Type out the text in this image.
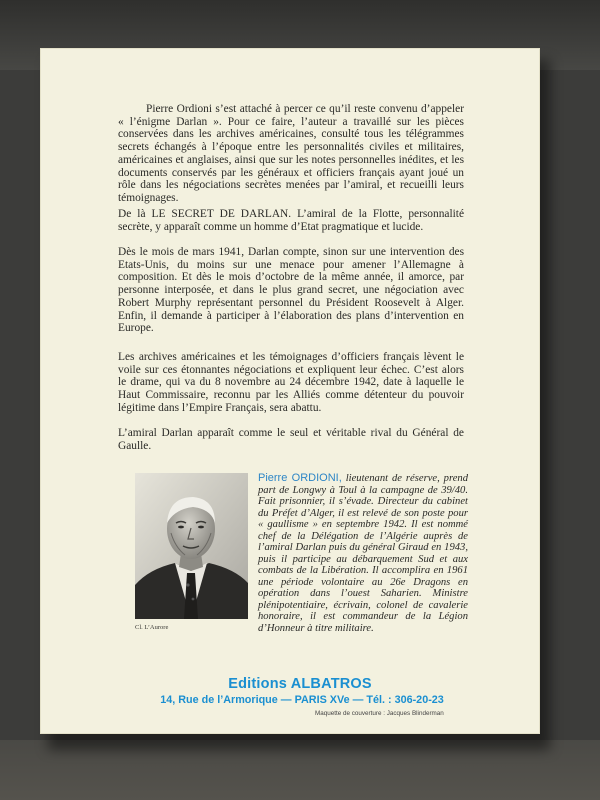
Pierre Ordioni s’est attaché à percer ce qu’il reste convenu d’appeler « l’énigme Darlan ». Pour ce faire, l’auteur a travaillé sur les pièces conservées dans les archives américaines, consulté tous les télégrammes secrets échangés à l’époque entre les personnalités civiles et militaires, américaines et anglaises, ainsi que sur les notes personnelles inédites, et les documents conservés par les généraux et officiers français ayant joué un rôle dans les négociations secrètes menées par l’amiral, et recueilli leurs témoignages.

De là LE SECRET DE DARLAN. L’amiral de la Flotte, personnalité secrète, y apparaît comme un homme d’Etat pragmatique et lucide.

Dès le mois de mars 1941, Darlan compte, sinon sur une intervention des Etats-Unis, du moins sur une menace pour amener l’Allemagne à composition. Et dès le mois d’octobre de la même année, il amorce, par personne interposée, et dans le plus grand secret, une négociation avec Robert Murphy représentant personnel du Président Roosevelt à Alger. Enfin, il demande à participer à l’élaboration des plans d’intervention en Europe.

Les archives américaines et les témoignages d’officiers français lèvent le voile sur ces étonnantes négociations et expliquent leur échec. C’est alors le drame, qui va du 8 novembre au 24 décembre 1942, date à laquelle le Haut Commissaire, reconnu par les Alliés comme détenteur du pouvoir légitime dans l’Empire Français, sera abattu.

L’amiral Darlan apparaît comme le seul et véritable rival du Général de Gaulle.

Cl. L’Aurore
Pierre ORDIONI, lieutenant de réserve, prend part de Longwy à Toul à la campagne de 39/40. Fait prisonnier, il s’évade. Directeur du cabinet du Préfet d’Alger, il est relevé de son poste pour « gaullisme » en septembre 1942. Il est nommé chef de la Délégation de l’Algérie auprès de l’amiral Darlan puis du général Giraud en 1943, puis il participe au débarquement Sud et aux combats de la Libération. Il accomplira en 1961 une période volontaire au 26e Dragons en opération dans l’ouest Saharien. Ministre plénipotentiaire, écrivain, colonel de cavalerie honoraire, il est commandeur de la Légion d’Honneur à titre militaire.
Editions ALBATROS
14, Rue de l’Armorique — PARIS XVe — Tél. : 306-20-23
Maquette de couverture : Jacques Blinderman
